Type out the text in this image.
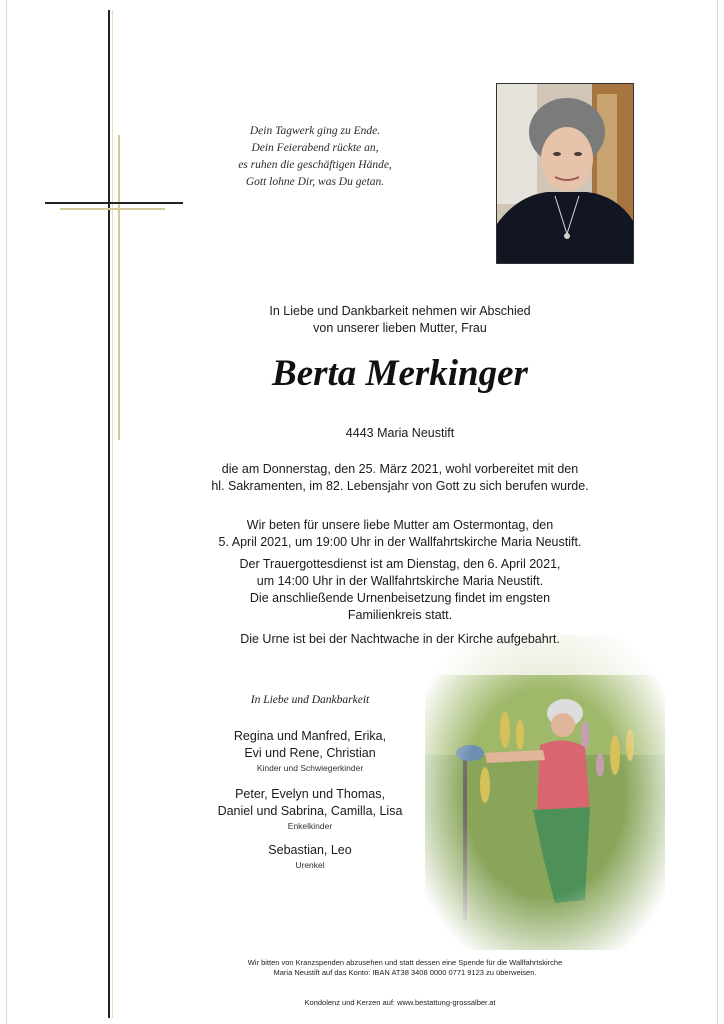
Dein Tagwerk ging zu Ende.
Dein Feierabend rückte an,
es ruhen die geschäftigen Hände,
Gott lohne Dir, was Du getan.
In Liebe und Dankbarkeit nehmen wir Abschied
von unserer lieben Mutter, Frau
Berta Merkinger
4443 Maria Neustift
die am Donnerstag, den 25. März 2021, wohl vorbereitet mit den
hl. Sakramenten, im 82. Lebensjahr von Gott zu sich berufen wurde.
Wir beten für unsere liebe Mutter am Ostermontag, den
5. April 2021, um 19:00 Uhr in der Wallfahrtskirche Maria Neustift.
Der Trauergottesdienst ist am Dienstag, den 6. April 2021,
um 14:00 Uhr in der Wallfahrtskirche Maria Neustift.
Die anschließende Urnenbeisetzung findet im engsten
Familienkreis statt.
Die Urne ist bei der Nachtwache in der Kirche aufgebahrt.
In Liebe und Dankbarkeit
Regina und Manfred, Erika,
Evi und Rene, Christian
Kinder und Schwiegerkinder
Peter, Evelyn und Thomas,
Daniel und Sabrina, Camilla, Lisa
Enkelkinder
Sebastian, Leo
Urenkel
Wir bitten von Kranzspenden abzusehen und statt dessen eine Spende für die Wallfahrtskirche
Maria Neustift auf das Konto: IBAN AT38 3408 0000 0771 9123 zu überweisen.
Kondolenz und Kerzen auf: www.bestattung-grossalber.at
